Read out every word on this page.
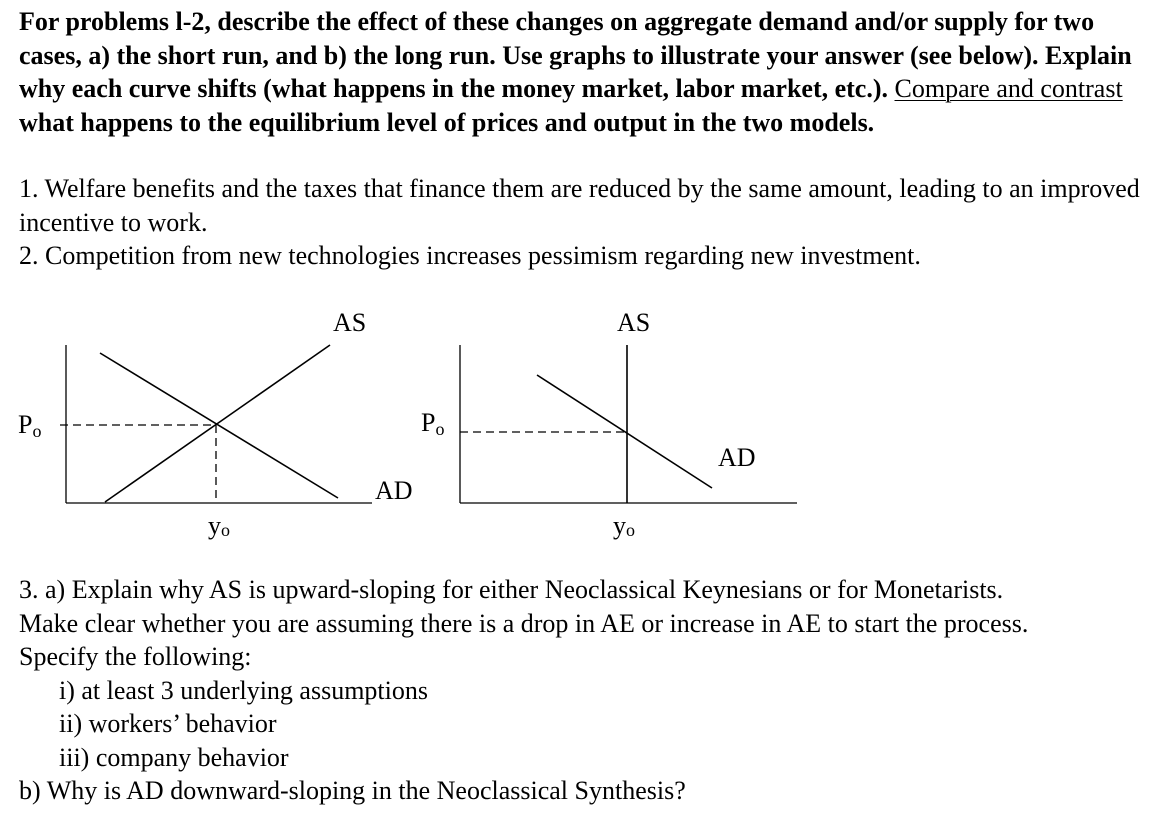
For problems l-2, describe the effect of these changes on aggregate demand and/or supply for two cases, a) the short run, and b) the long run. Use graphs to illustrate your answer (see below). Explain why each curve shifts (what happens in the money market, labor market, etc.). Compare and contrast what happens to the equilibrium level of prices and output in the two models.

1. Welfare benefits and the taxes that finance them are reduced by the same amount, leading to an improved incentive to work.

2. Competition from new technologies increases pessimism regarding new investment.

AS
AD
Po
yo
AS
AD
Po
yo

3. a) Explain why AS is upward-sloping for either Neoclassical Keynesians or for Monetarists.

Make clear whether you are assuming there is a drop in AE or increase in AE to start the process.

Specify the following:

i) at least 3 underlying assumptions

ii) workers’ behavior

iii) company behavior

b) Why is AD downward-sloping in the Neoclassical Synthesis?
